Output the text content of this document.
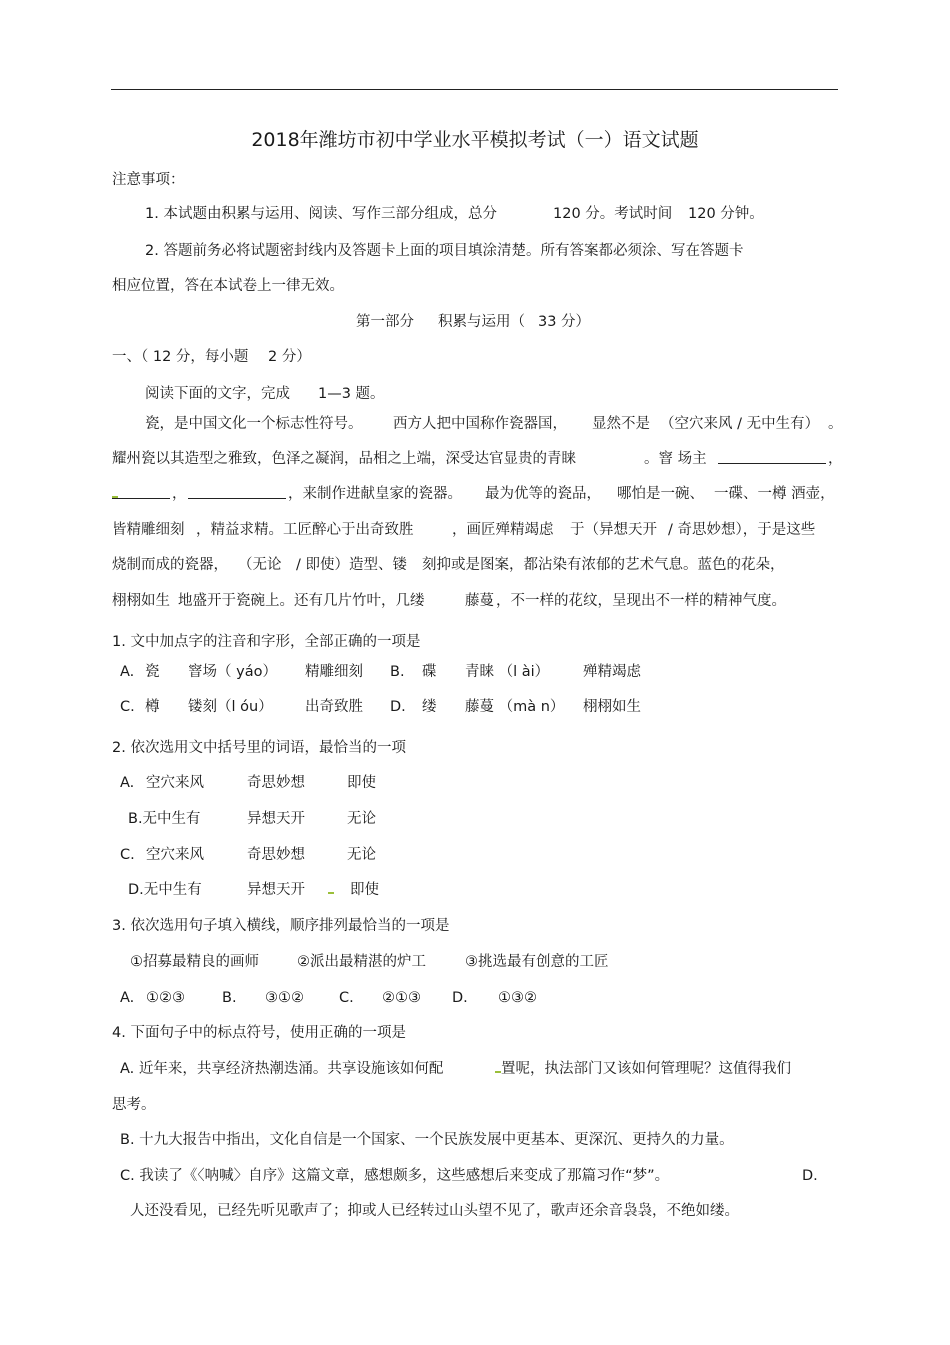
2018年潍坊市初中学业水平模拟考试（一）语文试题
注意事项：
1. 本试题由积累与运用、阅读、写作三部分组成，总分	120 分。考试时间 120 分钟。
2. 答题前务必将试题密封线内及答题卡上面的项目填涂清楚。所有答案都必须涂、写在答题卡
相应位置，答在本试卷上一律无效。
第一部分 积累与运用（ 33 分）
一、（ 12 分，每小题 2 分）
阅读下面的文字，完成 1—3 题。
瓷，是中国文化一个标志性符号。 西方人把中国称作瓷器国， 显然不是 （空穴来风 / 无中生有） 。
耀州瓷以其造型之雅致，色泽之凝润，品相之上端，深受达官显贵的青睐	。窨 场主	，
，	，来制作进献皇家的瓷器。 最为优等的瓷品， 哪怕是一碗、 一碟、一樽 酒壶，
皆精雕细刻 ，精益求精。工匠醉心于出奇致胜	，画匠殚精竭虑 于（异想天开 / 奇思妙想），于是这些
烧制而成的瓷器， （无论 / 即使）造型、镂 刻抑或是图案，都沾染有浓郁的艺术气息。蓝色的花朵，
栩栩如生 地盛开于瓷碗上。还有几片竹叶，几缕	藤蔓 ，不一样的花纹，呈现出不一样的精神气度。
1. 文中加点字的注音和字形，全部正确的一项是
A. 瓷 窨场（ yáo） 精雕细刻 B. 碟 青睐 （l ài） 殚精竭虑
C. 樽 镂刻（l óu） 出奇致胜 D. 缕 藤蔓 （mà n） 栩栩如生
2. 依次选用文中括号里的词语，最恰当的一项
A. 空穴来风	奇思妙想	即使
B.无中生有	异想天开	无论
C. 空穴来风	奇思妙想	无论
D.无中生有	异想天开	即使
3. 依次选用句子填入横线，顺序排列最恰当的一项是
①招募最精良的画师	②派出最精湛的炉工	③挑选最有创意的工匠
A. ①②③	B. ③①② C. ②①③ D. ①③②
4. 下面句子中的标点符号，使用正确的一项是
A. 近年来，共享经济热潮迭涌。共享设施该如何配	置呢，执法部门又该如何管理呢？这值得我们
思考。
B. 十九大报告中指出，文化自信是一个国家、一个民族发展中更基本、更深沉、更持久的力量。
C. 我读了《〈呐喊〉自序》这篇文章，感想颇多，这些感想后来变成了那篇习作“梦”。	D.
人还没看见，已经先听见歌声了；抑或人已经转过山头望不见了，歌声还余音袅袅，不绝如缕。
